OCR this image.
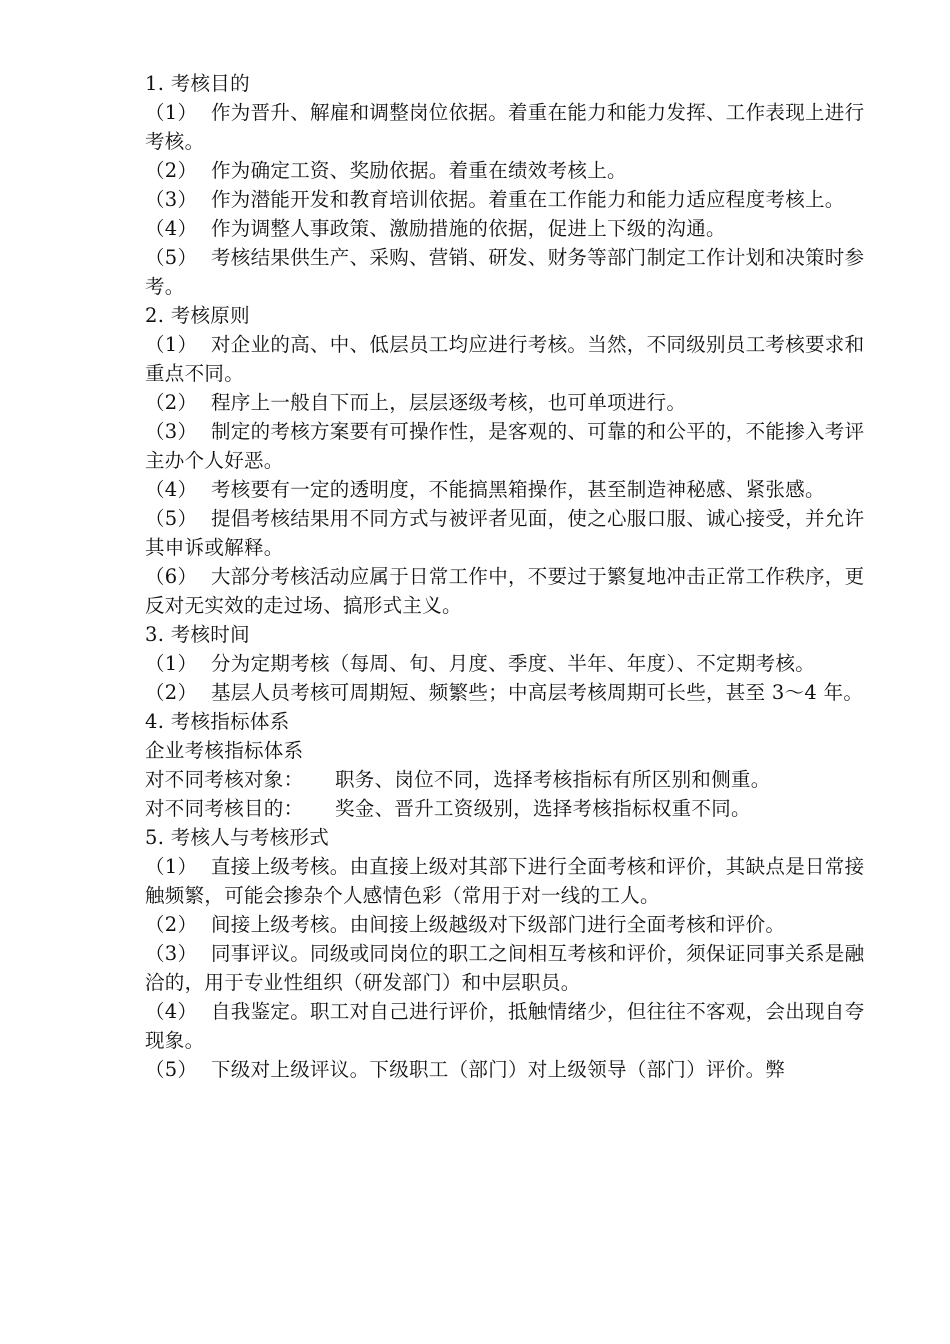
1. 考核目的

（1） 作为晋升、解雇和调整岗位依据。着重在能力和能力发挥、工作表现上进行考核。

（2） 作为确定工资、奖励依据。着重在绩效考核上。

（3） 作为潜能开发和教育培训依据。着重在工作能力和能力适应程度考核上。

（4） 作为调整人事政策、激励措施的依据，促进上下级的沟通。

（5） 考核结果供生产、采购、营销、研发、财务等部门制定工作计划和决策时参考。

2. 考核原则

（1） 对企业的高、中、低层员工均应进行考核。当然，不同级别员工考核要求和重点不同。

（2） 程序上一般自下而上，层层逐级考核，也可单项进行。

（3） 制定的考核方案要有可操作性，是客观的、可靠的和公平的，不能掺入考评主办个人好恶。

（4） 考核要有一定的透明度，不能搞黑箱操作，甚至制造神秘感、紧张感。

（5） 提倡考核结果用不同方式与被评者见面，使之心服口服、诚心接受，并允许其申诉或解释。

（6） 大部分考核活动应属于日常工作中，不要过于繁复地冲击正常工作秩序，更反对无实效的走过场、搞形式主义。

3. 考核时间

（1） 分为定期考核（每周、旬、月度、季度、半年、年度）、不定期考核。

（2） 基层人员考核可周期短、频繁些；中高层考核周期可长些，甚至 3～4 年。

4. 考核指标体系

企业考核指标体系

对不同考核对象： 职务、岗位不同，选择考核指标有所区别和侧重。

对不同考核目的： 奖金、晋升工资级别，选择考核指标权重不同。

5. 考核人与考核形式

（1） 直接上级考核。由直接上级对其部下进行全面考核和评价，其缺点是日常接触频繁，可能会掺杂个人感情色彩（常用于对一线的工人。

（2） 间接上级考核。由间接上级越级对下级部门进行全面考核和评价。

（3） 同事评议。同级或同岗位的职工之间相互考核和评价，须保证同事关系是融洽的，用于专业性组织（研发部门）和中层职员。

（4） 自我鉴定。职工对自己进行评价，抵触情绪少，但往往不客观，会出现自夸现象。

（5） 下级对上级评议。下级职工（部门）对上级领导（部门）评价。弊
